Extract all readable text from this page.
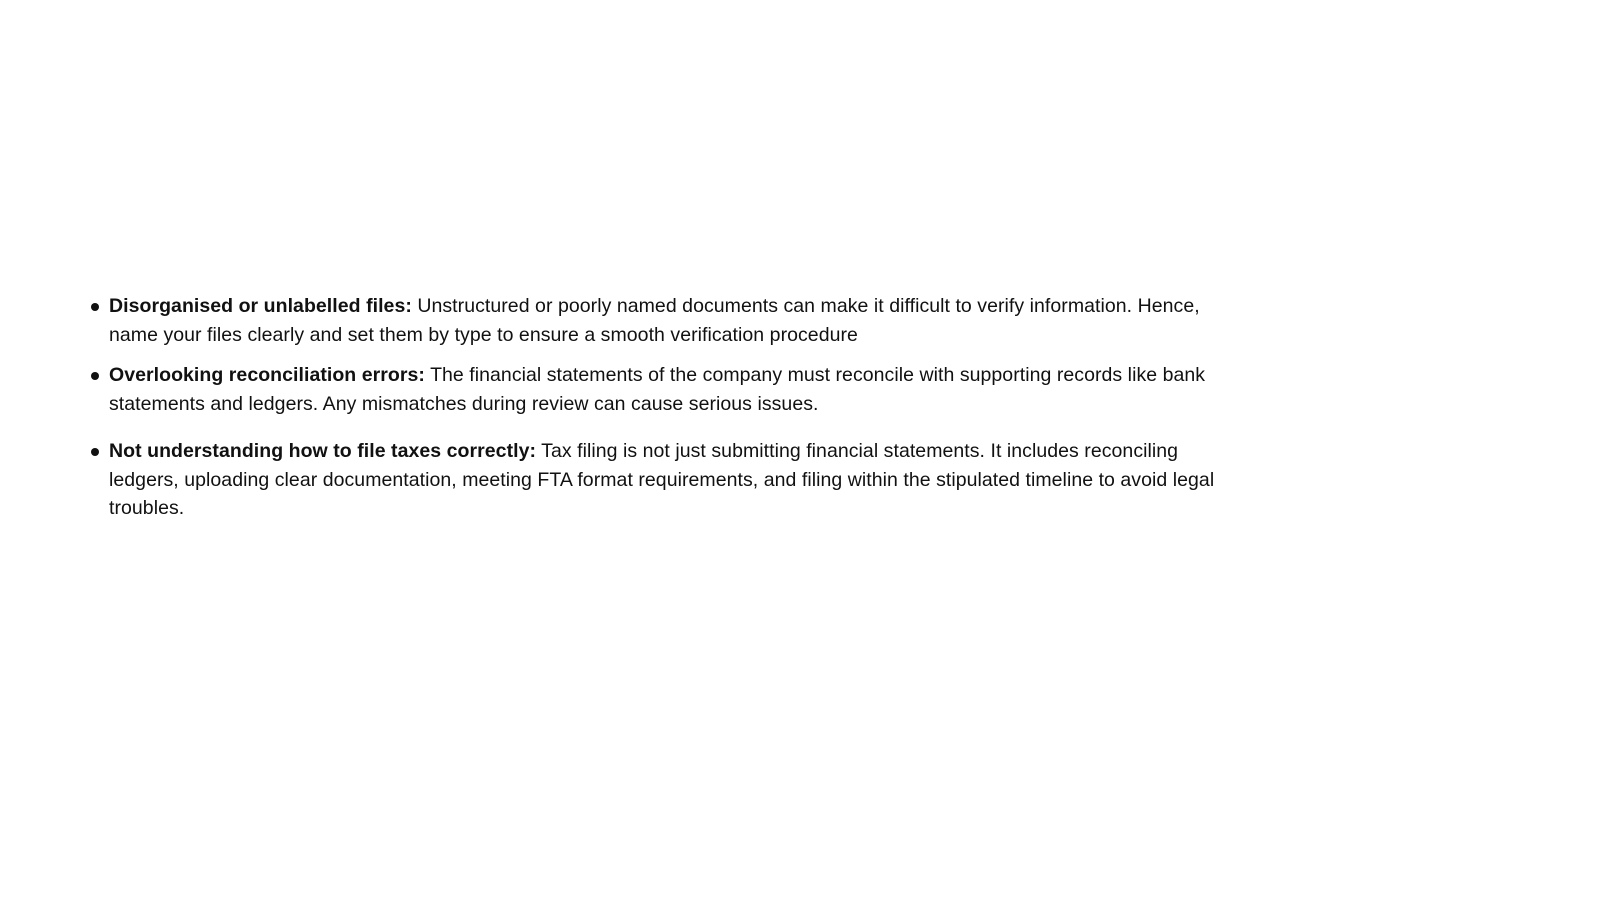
Disorganised or unlabelled files: Unstructured or poorly named documents can make it difficult to verify information. Hence, name your files clearly and set them by type to ensure a smooth verification procedure
Overlooking reconciliation errors: The financial statements of the company must reconcile with supporting records like bank statements and ledgers. Any mismatches during review can cause serious issues.
Not understanding how to file taxes correctly: Tax filing is not just submitting financial statements. It includes reconciling ledgers, uploading clear documentation, meeting FTA format requirements, and filing within the stipulated timeline to avoid legal troubles.
